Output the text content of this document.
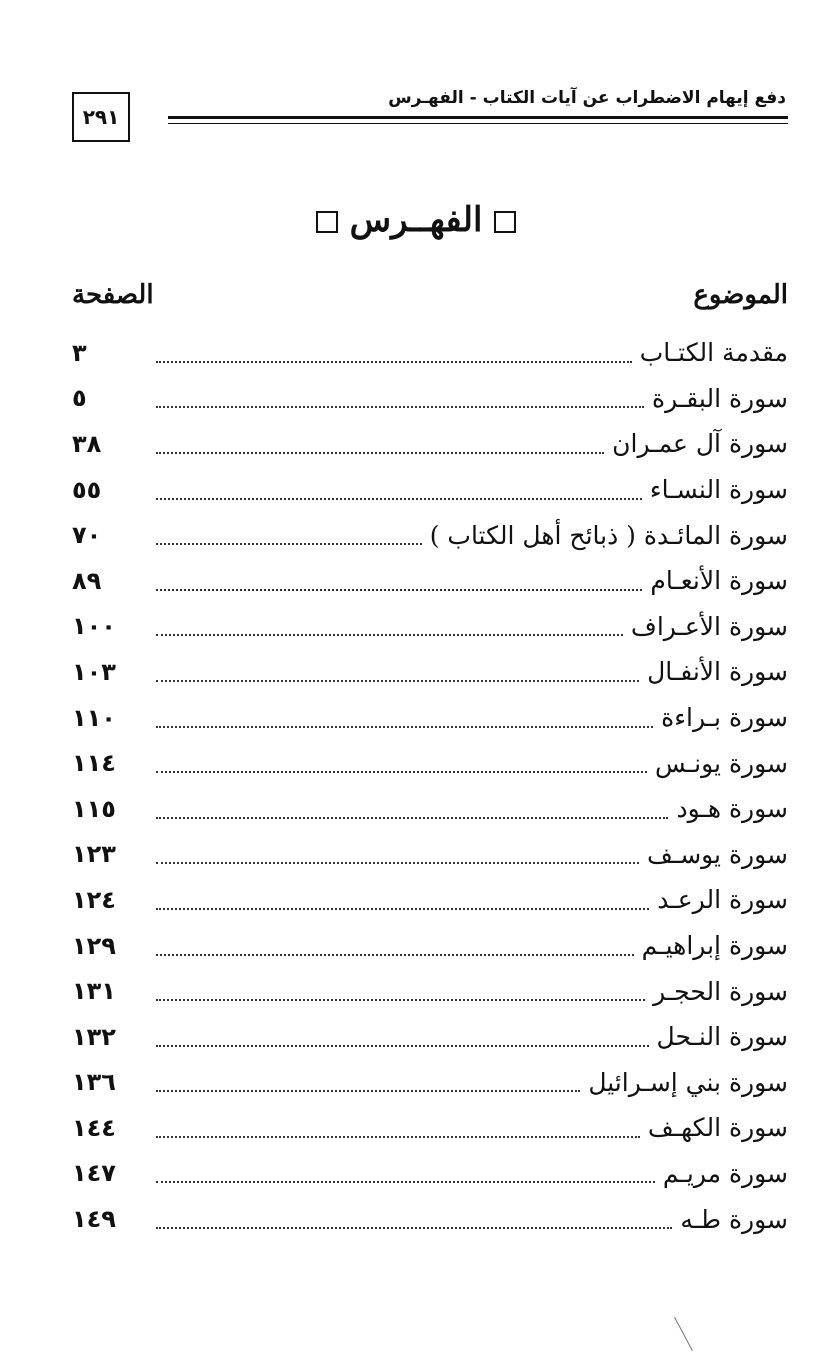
٢٩١
دفع إيهام الاضطراب عن آيات الكتاب - الفهـرس
الفهــرس
الموضوع
الصفحة
مقدمة الكتـاب
٣
سورة البقـرة
٥
سورة آل عمـران
٣٨
سورة النسـاء
٥٥
سورة المائـدة ( ذبائح أهل الكتاب )
٧٠
سورة الأنعـام
٨٩
سورة الأعـراف
١٠٠
سورة الأنفـال
١٠٣
سورة بـراءة
١١٠
سورة يونـس
١١٤
سورة هـود
١١٥
سورة يوسـف
١٢٣
سورة الرعـد
١٢٤
سورة إبراهيـم
١٢٩
سورة الحجـر
١٣١
سورة النـحل
١٣٢
سورة بني إسـرائيل
١٣٦
سورة الكهـف
١٤٤
سورة مريـم
١٤٧
سورة طـه
١٤٩
